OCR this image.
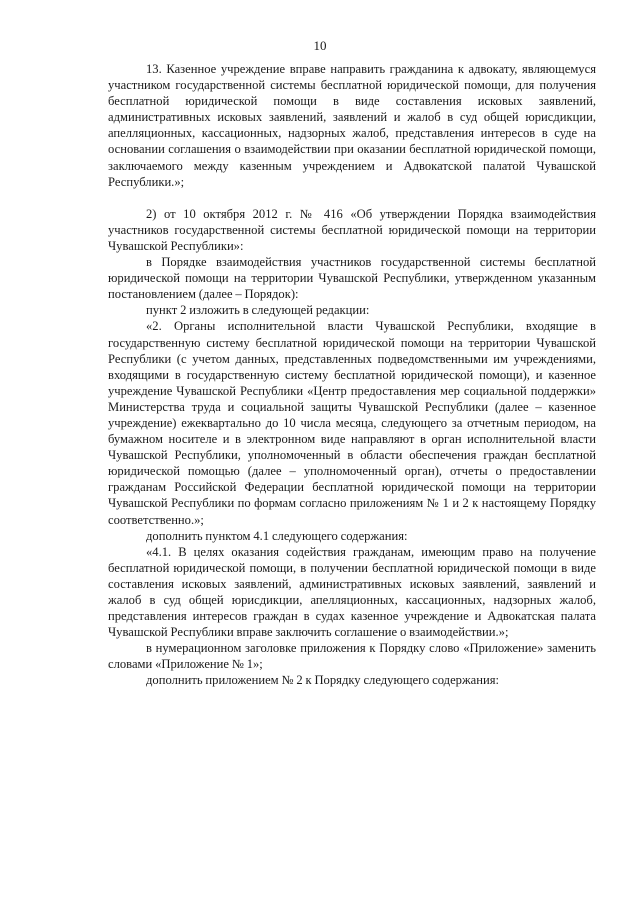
10

13. Казенное учреждение вправе направить гражданина к адвокату, являющемуся участником государственной системы бесплатной юридической помощи, для получения бесплатной юридической помощи в виде составления исковых заявлений, административных исковых заявлений, заявлений и жалоб в суд общей юрисдикции, апелляционных, кассационных, надзорных жалоб, представления интересов в суде на основании соглашения о взаимодействии при оказании бесплатной юридической помощи, заключаемого между казенным учреждением и Адвокатской палатой Чувашской Республики.»;

2) от 10 октября 2012 г. № 416 «Об утверждении Порядка взаимодействия участников государственной системы бесплатной юридической помощи на территории Чувашской Республики»:

в Порядке взаимодействия участников государственной системы бесплатной юридической помощи на территории Чувашской Республики, утвержденном указанным постановлением (далее – Порядок):

пункт 2 изложить в следующей редакции:

«2. Органы исполнительной власти Чувашской Республики, входящие в государственную систему бесплатной юридической помощи на территории Чувашской Республики (с учетом данных, представленных подведомственными им учреждениями, входящими в государственную систему бесплатной юридической помощи), и казенное учреждение Чувашской Республики «Центр предоставления мер социальной поддержки» Министерства труда и социальной защиты Чувашской Республики (далее – казенное учреждение) ежеквартально до 10 числа месяца, следующего за отчетным периодом, на бумажном носителе и в электронном виде направляют в орган исполнительной власти Чувашской Республики, уполномоченный в области обеспечения граждан бесплатной юридической помощью (далее – уполномоченный орган), отчеты о предоставлении гражданам Российской Федерации бесплатной юридической помощи на территории Чувашской Республики по формам согласно приложениям № 1 и 2 к настоящему Порядку соответственно.»;

дополнить пунктом 4.1 следующего содержания:

«4.1. В целях оказания содействия гражданам, имеющим право на получение бесплатной юридической помощи, в получении бесплатной юридической помощи в виде составления исковых заявлений, административных исковых заявлений, заявлений и жалоб в суд общей юрисдикции, апелляционных, кассационных, надзорных жалоб, представления интересов граждан в судах казенное учреждение и Адвокатская палата Чувашской Республики вправе заключить соглашение о взаимодействии.»;

в нумерационном заголовке приложения к Порядку слово «Приложение» заменить словами «Приложение № 1»;

дополнить приложением № 2 к Порядку следующего содержания:
